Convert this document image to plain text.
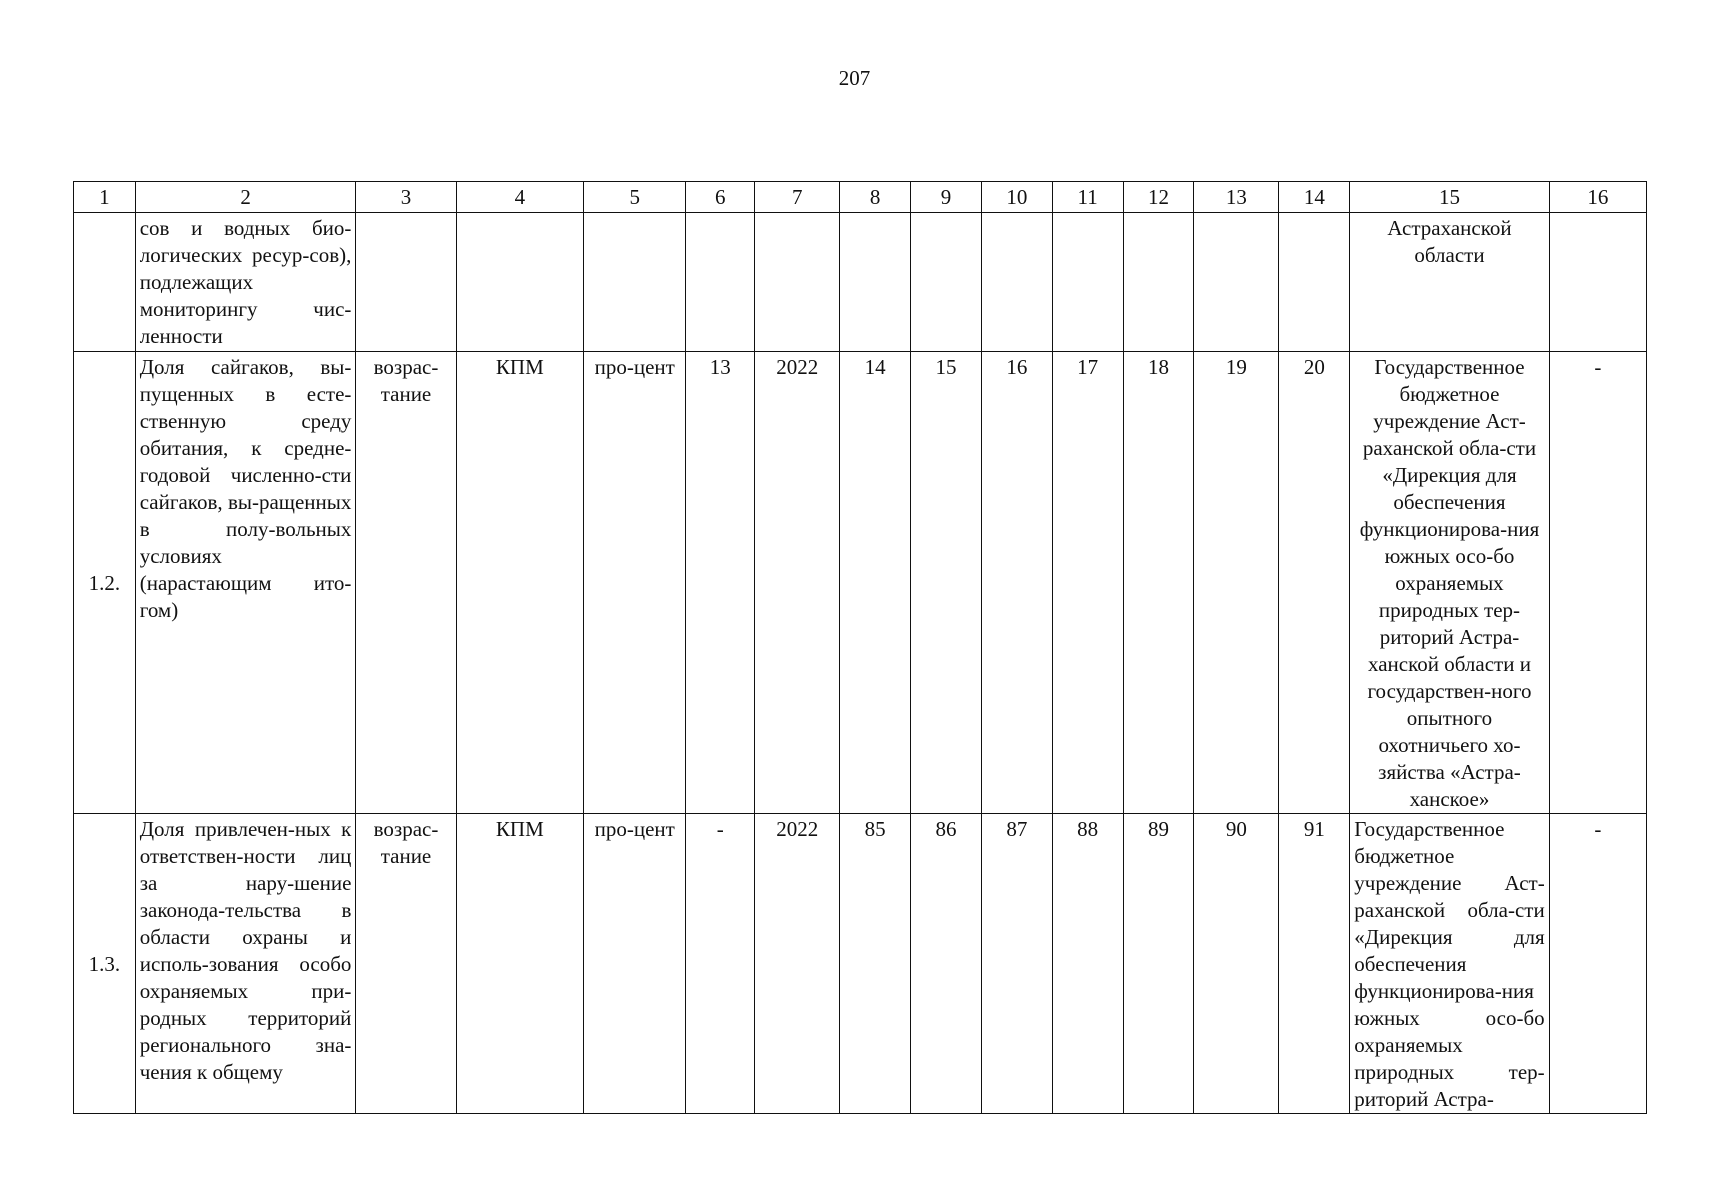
207
1	2	3	4	5	6	7	8	9	10	11	12	13	14	15	16
	сов и водных био-логических ресур-сов), подлежащих мониторингу чис-ленности													Астраханской области	
1.2.	Доля сайгаков, вы-пущенных в есте-ственную среду обитания, к средне-годовой численно-сти сайгаков, вы-ращенных в полу-вольных условиях (нарастающим ито-гом)	возрас-тание	КПМ	про-цент	13	2022	14	15	16	17	18	19	20	Государственное бюджетное учреждение Аст-раханской обла-сти «Дирекция для обеспечения функционирова-ния южных осо-бо охраняемых природных тер-риторий Астра-ханской области и государствен-ного опытного охотничьего хо-зяйства «Астра-ханское»	-
1.3.	Доля привлечен-ных к ответствен-ности лиц за нару-шение законода-тельства в области охраны и исполь-зования особо охраняемых при-родных территорий регионального зна-чения к общему	возрас-тание	КПМ	про-цент	-	2022	85	86	87	88	89	90	91	Государственное бюджетное учреждение Аст-раханской обла-сти «Дирекция для обеспечения функционирова-ния южных осо-бо охраняемых природных тер-риторий Астра-	-
